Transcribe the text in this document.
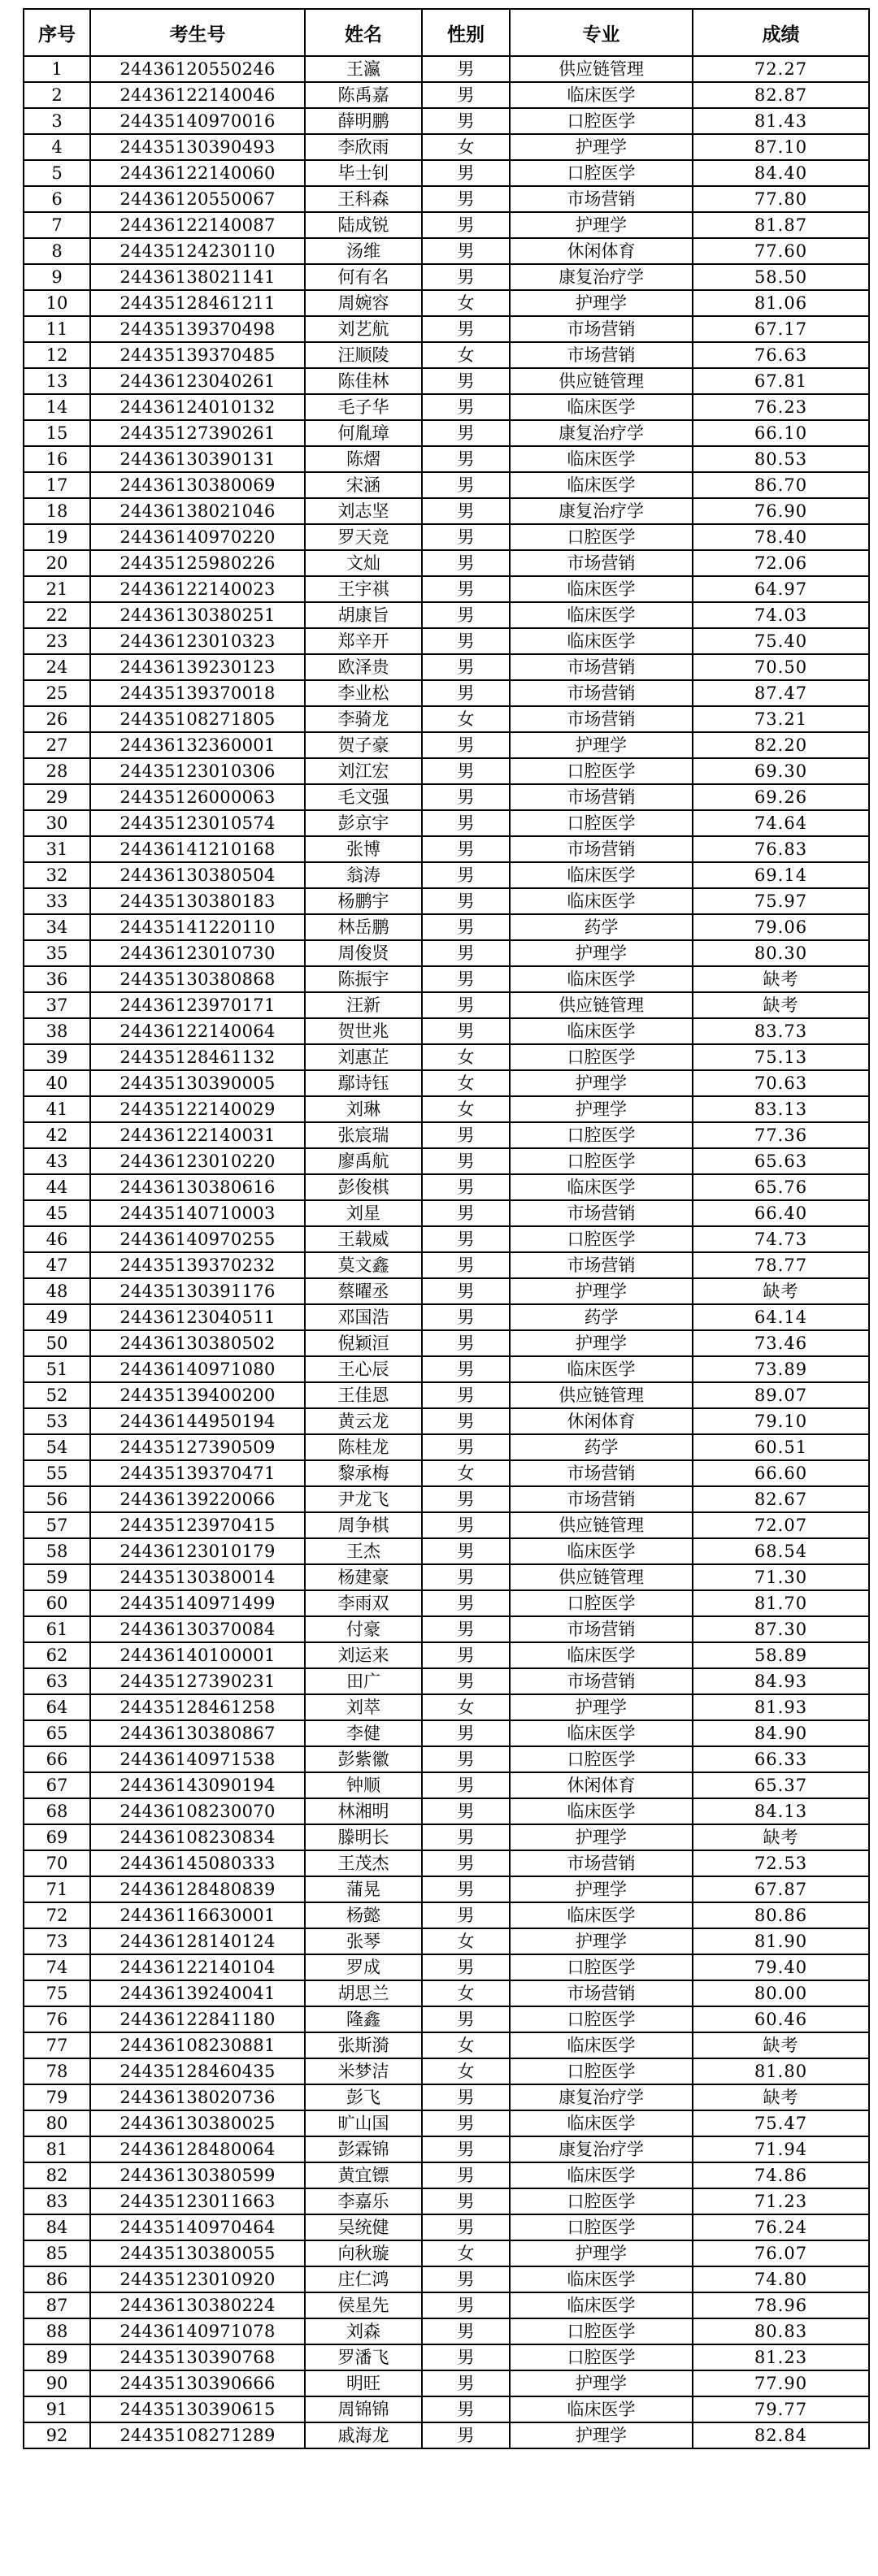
序号	考生号	姓名	性别	专业	成绩
1	24436120550246	王瀛	男	供应链管理	72.27
2	24436122140046	陈禹嘉	男	临床医学	82.87
3	24435140970016	薛明鹏	男	口腔医学	81.43
4	24435130390493	李欣雨	女	护理学	87.10
5	24436122140060	毕士钊	男	口腔医学	84.40
6	24436120550067	王科森	男	市场营销	77.80
7	24436122140087	陆成锐	男	护理学	81.87
8	24435124230110	汤维	男	休闲体育	77.60
9	24436138021141	何有名	男	康复治疗学	58.50
10	24435128461211	周婉容	女	护理学	81.06
11	24435139370498	刘艺航	男	市场营销	67.17
12	24435139370485	汪顺陵	女	市场营销	76.63
13	24436123040261	陈佳林	男	供应链管理	67.81
14	24436124010132	毛子华	男	临床医学	76.23
15	24435127390261	何胤璋	男	康复治疗学	66.10
16	24436130390131	陈熠	男	临床医学	80.53
17	24436130380069	宋涵	男	临床医学	86.70
18	24436138021046	刘志坚	男	康复治疗学	76.90
19	24436140970220	罗天竞	男	口腔医学	78.40
20	24435125980226	文灿	男	市场营销	72.06
21	24436122140023	王宇祺	男	临床医学	64.97
22	24436130380251	胡康旨	男	临床医学	74.03
23	24436123010323	郑辛开	男	临床医学	75.40
24	24436139230123	欧泽贵	男	市场营销	70.50
25	24435139370018	李业松	男	市场营销	87.47
26	24435108271805	李骑龙	女	市场营销	73.21
27	24436132360001	贺子豪	男	护理学	82.20
28	24435123010306	刘江宏	男	口腔医学	69.30
29	24435126000063	毛文强	男	市场营销	69.26
30	24435123010574	彭京宇	男	口腔医学	74.64
31	24436141210168	张博	男	市场营销	76.83
32	24436130380504	翁涛	男	临床医学	69.14
33	24435130380183	杨鹏宇	男	临床医学	75.97
34	24435141220110	林岳鹏	男	药学	79.06
35	24436123010730	周俊贤	男	护理学	80.30
36	24435130380868	陈振宇	男	临床医学	缺考
37	24436123970171	汪新	男	供应链管理	缺考
38	24436122140064	贺世兆	男	临床医学	83.73
39	24435128461132	刘惠芷	女	口腔医学	75.13
40	24435130390005	鄢诗钰	女	护理学	70.63
41	24435122140029	刘琳	女	护理学	83.13
42	24436122140031	张宸瑞	男	口腔医学	77.36
43	24436123010220	廖禹航	男	口腔医学	65.63
44	24436130380616	彭俊棋	男	临床医学	65.76
45	24435140710003	刘星	男	市场营销	66.40
46	24436140970255	王载威	男	口腔医学	74.73
47	24435139370232	莫文鑫	男	市场营销	78.77
48	24435130391176	蔡曜丞	男	护理学	缺考
49	24436123040511	邓国浩	男	药学	64.14
50	24436130380502	倪颖洹	男	护理学	73.46
51	24436140971080	王心辰	男	临床医学	73.89
52	24435139400200	王佳恩	男	供应链管理	89.07
53	24436144950194	黄云龙	男	休闲体育	79.10
54	24435127390509	陈桂龙	男	药学	60.51
55	24435139370471	黎承梅	女	市场营销	66.60
56	24436139220066	尹龙飞	男	市场营销	82.67
57	24435123970415	周争棋	男	供应链管理	72.07
58	24436123010179	王杰	男	临床医学	68.54
59	24435130380014	杨建豪	男	供应链管理	71.30
60	24435140971499	李雨双	男	口腔医学	81.70
61	24436130370084	付豪	男	市场营销	87.30
62	24436140100001	刘运来	男	临床医学	58.89
63	24435127390231	田广	男	市场营销	84.93
64	24435128461258	刘萃	女	护理学	81.93
65	24436130380867	李健	男	临床医学	84.90
66	24436140971538	彭紫徽	男	口腔医学	66.33
67	24436143090194	钟顺	男	休闲体育	65.37
68	24436108230070	林湘明	男	临床医学	84.13
69	24436108230834	滕明长	男	护理学	缺考
70	24436145080333	王茂杰	男	市场营销	72.53
71	24436128480839	蒲晃	男	护理学	67.87
72	24436116630001	杨懿	男	临床医学	80.86
73	24436128140124	张琴	女	护理学	81.90
74	24436122140104	罗成	男	口腔医学	79.40
75	24436139240041	胡思兰	女	市场营销	80.00
76	24436122841180	隆鑫	男	口腔医学	60.46
77	24436108230881	张斯漪	女	临床医学	缺考
78	24435128460435	米梦洁	女	口腔医学	81.80
79	24436138020736	彭飞	男	康复治疗学	缺考
80	24436130380025	旷山国	男	临床医学	75.47
81	24436128480064	彭霖锦	男	康复治疗学	71.94
82	24436130380599	黄宜镖	男	临床医学	74.86
83	24435123011663	李嘉乐	男	口腔医学	71.23
84	24435140970464	吴统健	男	口腔医学	76.24
85	24435130380055	向秋璇	女	护理学	76.07
86	24435123010920	庄仁鸿	男	临床医学	74.80
87	24436130380224	侯星先	男	临床医学	78.96
88	24436140971078	刘森	男	口腔医学	80.83
89	24435130390768	罗潘飞	男	口腔医学	81.23
90	24435130390666	明旺	男	护理学	77.90
91	24435130390615	周锦锦	男	临床医学	79.77
92	24435108271289	戚海龙	男	护理学	82.84
